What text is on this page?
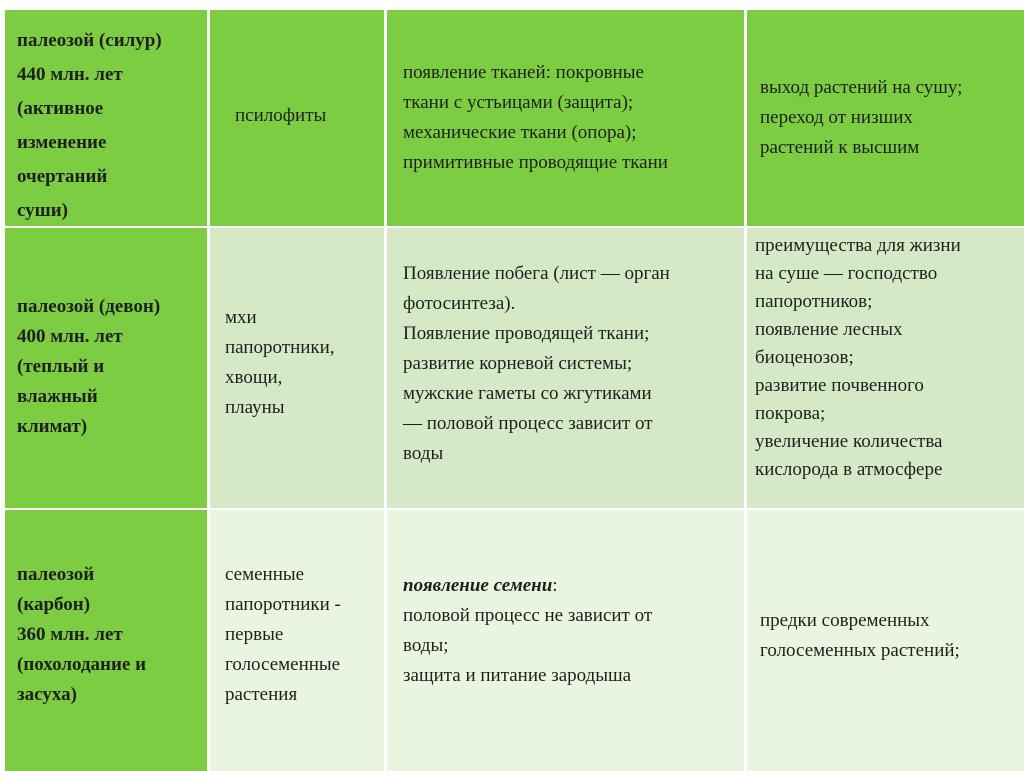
палеозой (силур)
440 млн. лет
(активное
изменение
очертаний
суши)
псилофиты
появление тканей: покровные
ткани с устьицами (защита);
механические ткани (опора);
примитивные проводящие ткани
выход растений на сушу;
переход от низших
растений к высшим
палеозой (девон)
400 млн. лет
(теплый и
влажный
климат)
мхи
папоротники,
хвощи,
плауны
Появление побега (лист — орган
фотосинтеза).
Появление проводящей ткани;
развитие корневой системы;
мужские гаметы со жгутиками
— половой процесс зависит от
воды
преимущества для жизни
на суше — господство
папоротников;
появление лесных
биоценозов;
развитие почвенного
покрова;
увеличение количества
кислорода в атмосфере
палеозой
(карбон)
360 млн. лет
(похолодание и
засуха)
семенные
папоротники -
первые
голосеменные
растения
появление семени:
половой процесс не зависит от
воды;
защита и питание зародыша
предки современных
голосеменных растений;
